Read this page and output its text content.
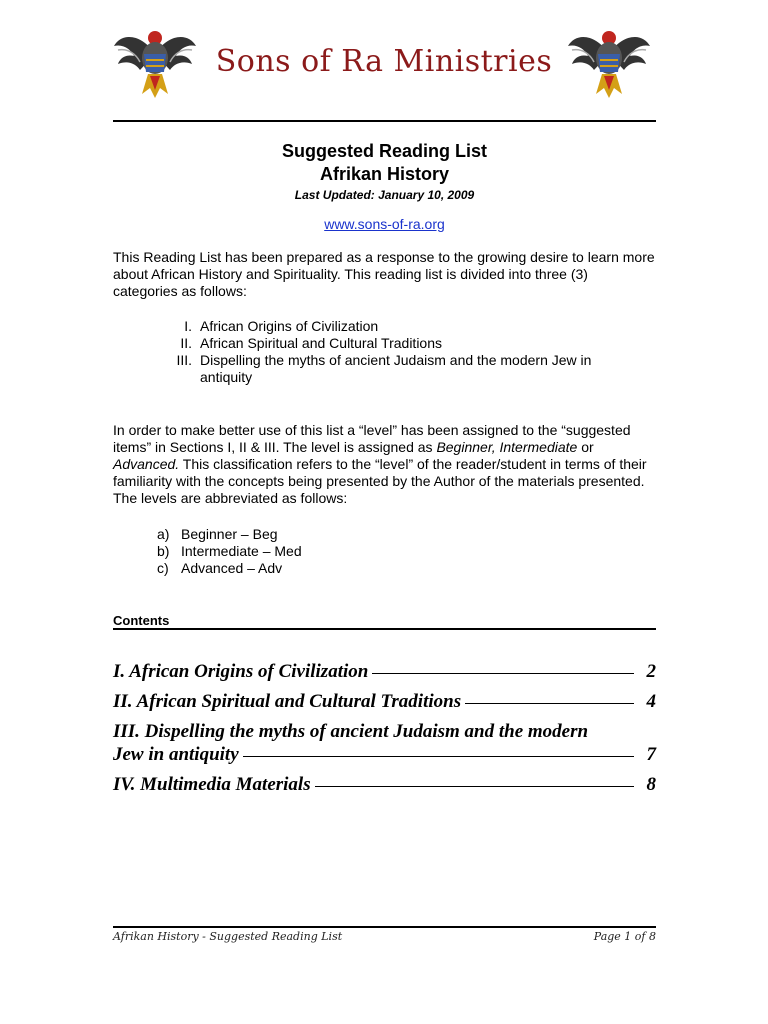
Sons of Ra Ministries
Suggested Reading List
Afrikan History
Last Updated: January 10, 2009
www.sons-of-ra.org
This Reading List has been prepared as a response to the growing desire to learn more about African History and Spirituality. This reading list is divided into three (3) categories as follows:
I. African Origins of Civilization
II. African Spiritual and Cultural Traditions
III. Dispelling the myths of ancient Judaism and the modern Jew in antiquity
In order to make better use of this list a “level” has been assigned to the “suggested items” in Sections I, II & III. The level is assigned as Beginner, Intermediate or Advanced. This classification refers to the “level” of the reader/student in terms of their familiarity with the concepts being presented by the Author of the materials presented. The levels are abbreviated as follows:
a) Beginner – Beg
b) Intermediate – Med
c) Advanced – Adv
Contents
I. African Origins of Civilization	2
II. African Spiritual and Cultural Traditions	4
III. Dispelling the myths of ancient Judaism and the modern
Jew in antiquity	7
IV. Multimedia Materials	8
Afrikan History - Suggested Reading List	Page 1 of 8
